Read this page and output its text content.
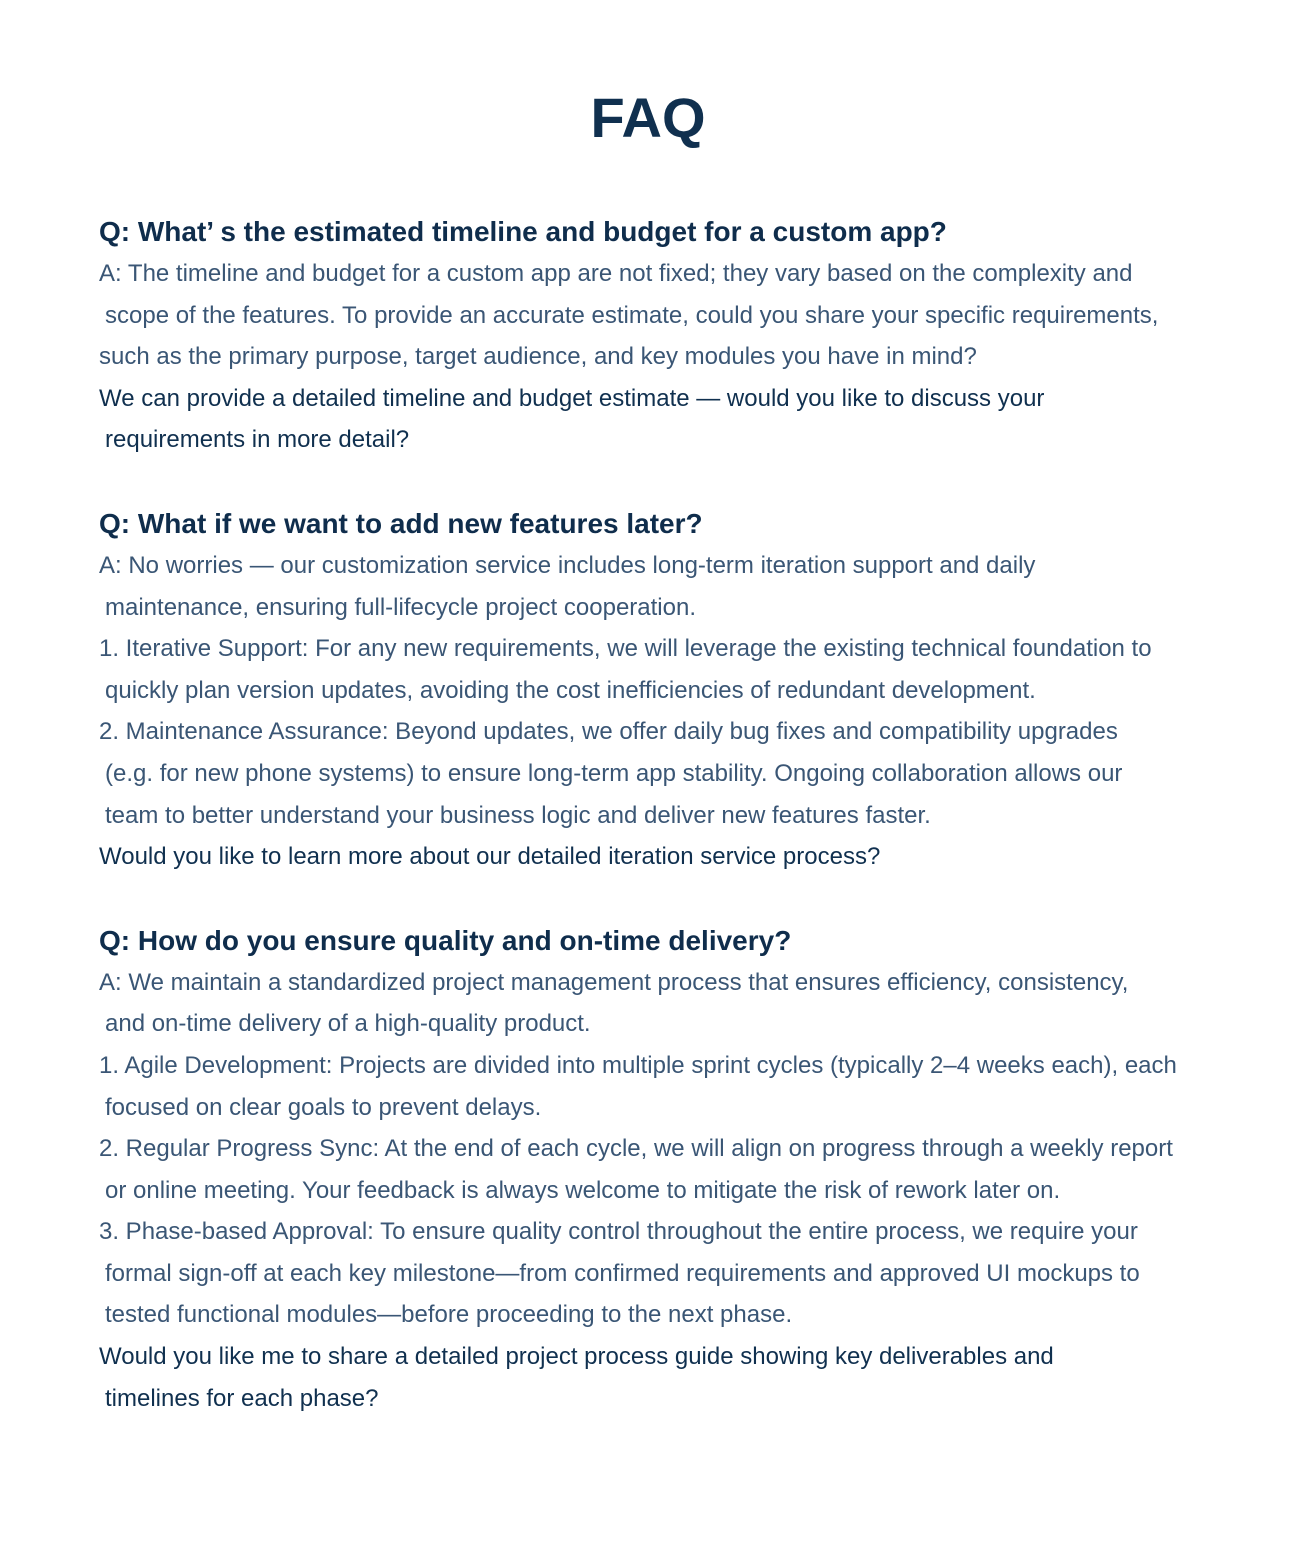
FAQ
Q: What’ s the estimated timeline and budget for a custom app?

A: The timeline and budget for a custom app are not fixed; they vary based on the complexity and

scope of the features. To provide an accurate estimate, could you share your specific requirements,

such as the primary purpose, target audience, and key modules you have in mind?

We can provide a detailed timeline and budget estimate — would you like to discuss your

requirements in more detail?

Q: What if we want to add new features later?

A: No worries — our customization service includes long-term iteration support and daily

maintenance, ensuring full-lifecycle project cooperation.

1. Iterative Support: For any new requirements, we will leverage the existing technical foundation to

quickly plan version updates, avoiding the cost inefficiencies of redundant development.

2. Maintenance Assurance: Beyond updates, we offer daily bug fixes and compatibility upgrades

(e.g. for new phone systems) to ensure long-term app stability. Ongoing collaboration allows our

team to better understand your business logic and deliver new features faster.

Would you like to learn more about our detailed iteration service process?

Q: How do you ensure quality and on-time delivery?

A: We maintain a standardized project management process that ensures efficiency, consistency,

and on-time delivery of a high-quality product.

1. Agile Development: Projects are divided into multiple sprint cycles (typically 2–4 weeks each), each

focused on clear goals to prevent delays.

2. Regular Progress Sync: At the end of each cycle, we will align on progress through a weekly report

or online meeting. Your feedback is always welcome to mitigate the risk of rework later on.

3. Phase-based Approval: To ensure quality control throughout the entire process, we require your

formal sign-off at each key milestone—from confirmed requirements and approved UI mockups to

tested functional modules—before proceeding to the next phase.

Would you like me to share a detailed project process guide showing key deliverables and

timelines for each phase?
